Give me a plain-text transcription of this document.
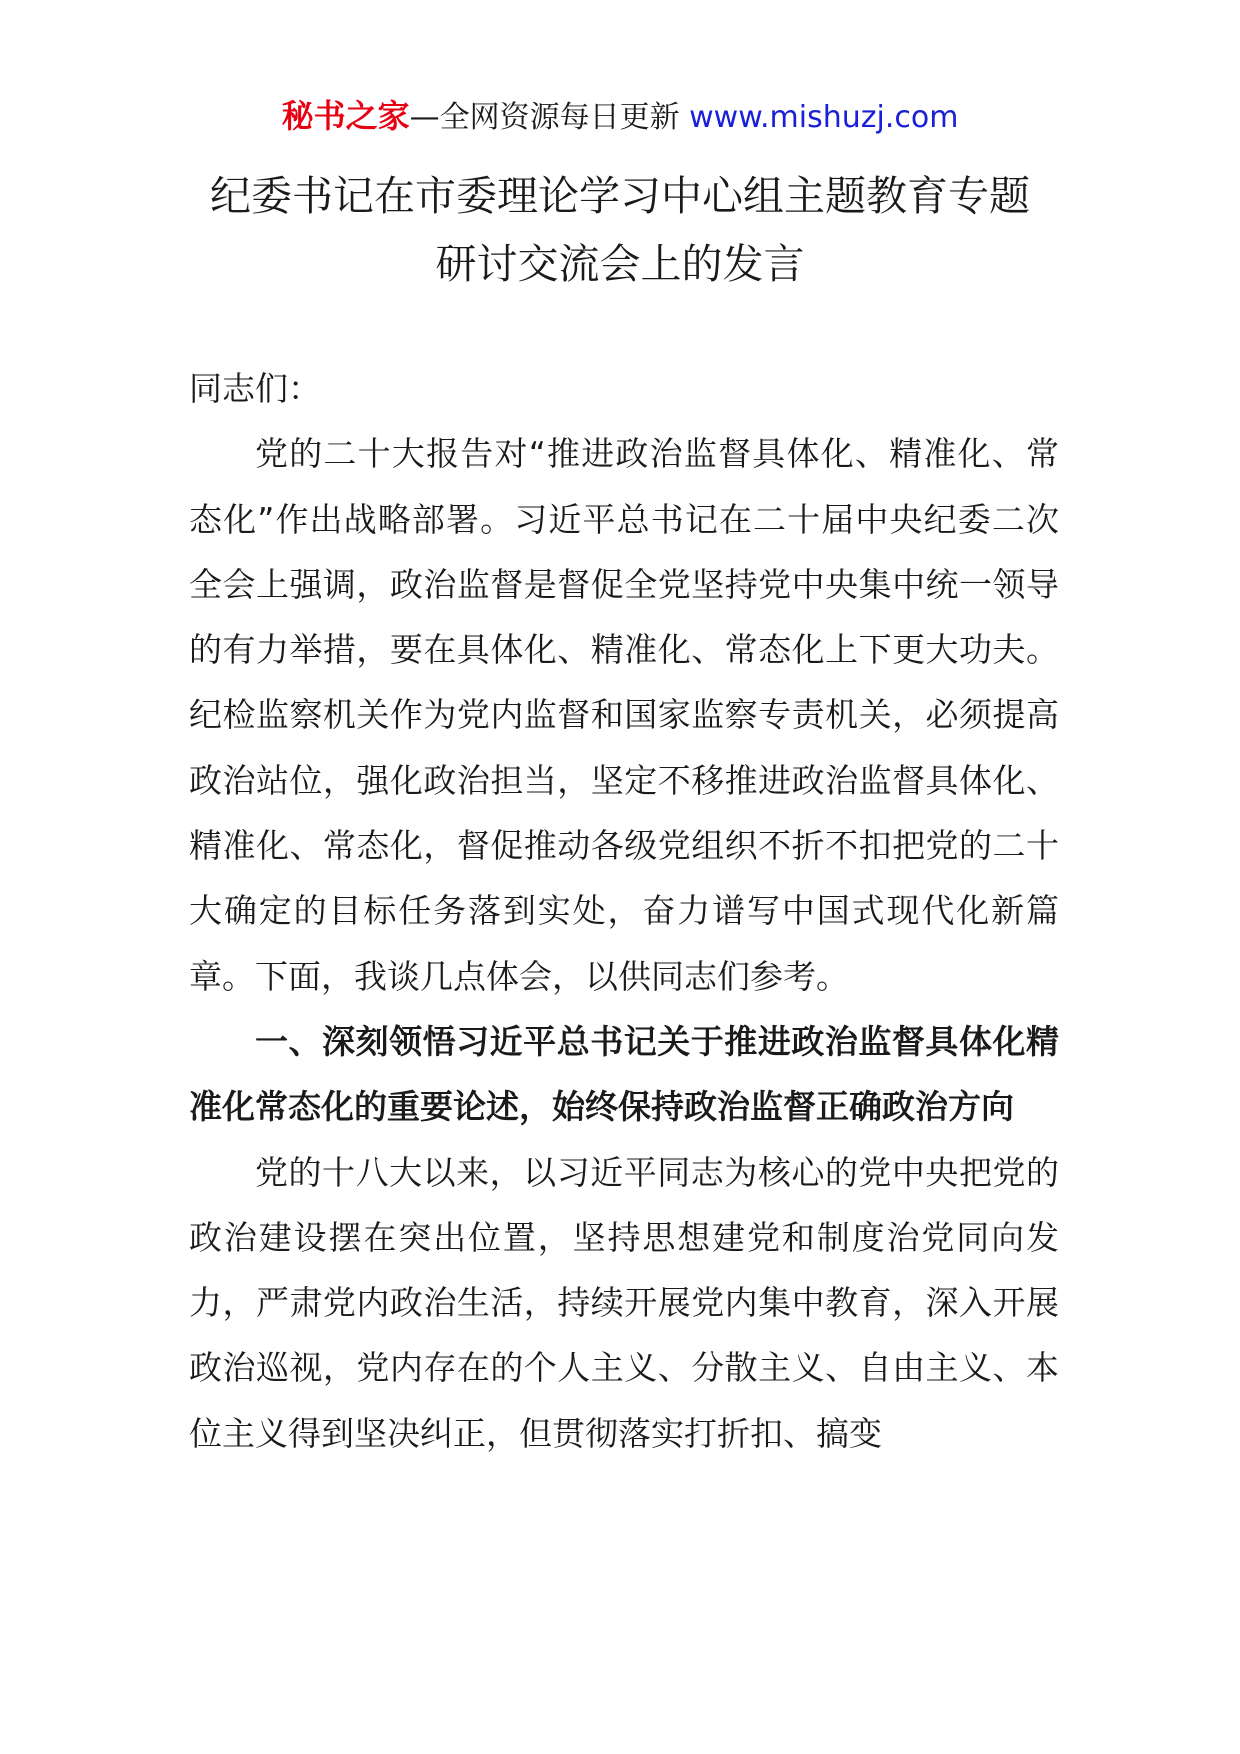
秘书之家—全网资源每日更新 www.mishuzj.com
纪委书记在市委理论学习中心组主题教育专题
研讨交流会上的发言

同志们：

党的二十大报告对“推进政治监督具体化、精准化、常态化”作出战略部署。习近平总书记在二十届中央纪委二次全会上强调，政治监督是督促全党坚持党中央集中统一领导的有力举措，要在具体化、精准化、常态化上下更大功夫。纪检监察机关作为党内监督和国家监察专责机关，必须提高政治站位，强化政治担当，坚定不移推进政治监督具体化、精准化、常态化，督促推动各级党组织不折不扣把党的二十大确定的目标任务落到实处，奋力谱写中国式现代化新篇章。下面，我谈几点体会，以供同志们参考。

一、深刻领悟习近平总书记关于推进政治监督具体化精准化常态化的重要论述，始终保持政治监督正确政治方向

党的十八大以来，以习近平同志为核心的党中央把党的政治建设摆在突出位置，坚持思想建党和制度治党同向发力，严肃党内政治生活，持续开展党内集中教育，深入开展政治巡视，党内存在的个人主义、分散主义、自由主义、本位主义得到坚决纠正，但贯彻落实打折扣、搞变
